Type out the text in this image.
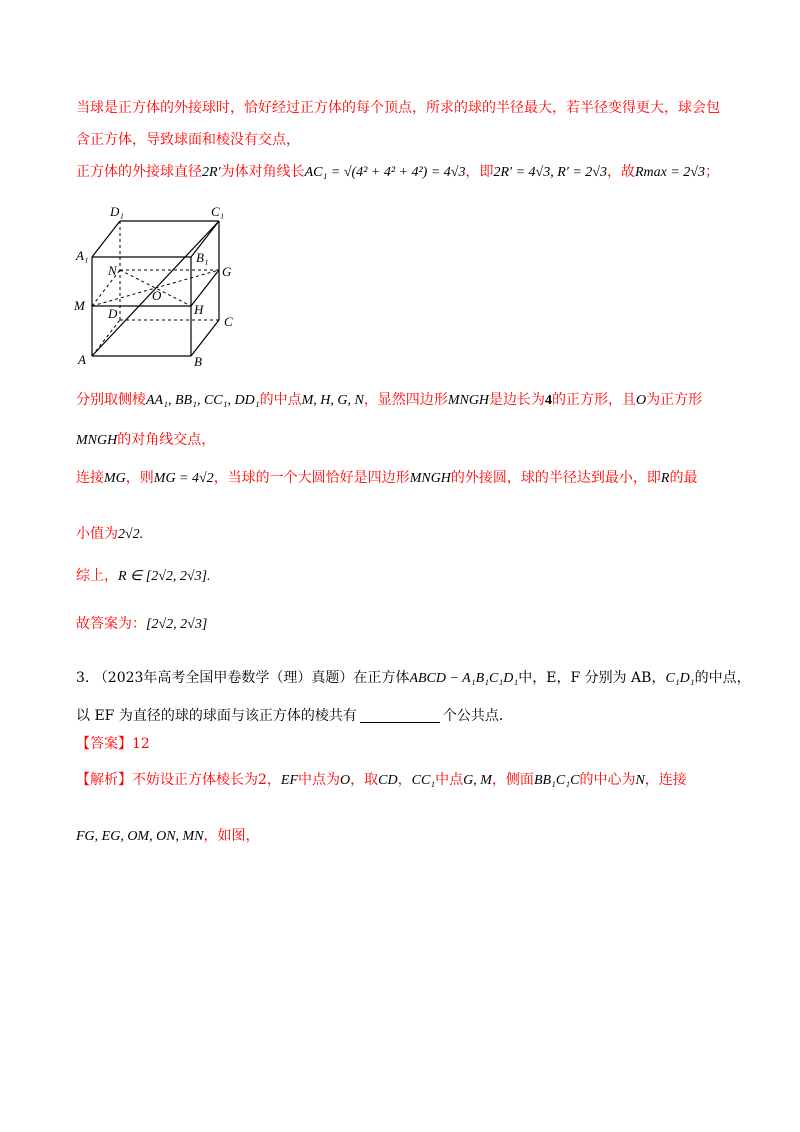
当球是正方体的外接球时，恰好经过正方体的每个顶点，所求的球的半径最大，若半径变得更大，球会包
含正方体，导致球面和棱没有交点，
正方体的外接球直径2R′为体对角线长AC₁ = √(4² + 4² + 4²) = 4√3，即2R′ = 4√3, R′ = 2√3，故Rmax = 2√3；
D₁	C₁
A₁	B₁
N	G
M
O
D	H
C
A	B
分别取侧棱AA₁, BB₁, CC₁, DD₁的中点M, H, G, N，显然四边形MNGH是边长为4的正方形，且O为正方形
MNGH的对角线交点，
连接MG，则MG = 4√2，当球的一个大圆恰好是四边形MNGH的外接圆，球的半径达到最小，即R的最
小值为2√2.
综上，R ∈ [2√2, 2√3].
故答案为：[2√2, 2√3]
3. （2023年高考全国甲卷数学（理）真题）在正方体ABCD − A₁B₁C₁D₁中，E，F 分别为 AB，C₁D₁的中点，
以 EF 为直径的球的球面与该正方体的棱共有	个公共点.
【答案】12
【解析】不妨设正方体棱长为2，EF中点为O，取CD，CC₁中点G, M，侧面BB₁C₁C的中心为N，连接
FG, EG, OM, ON, MN，如图，
